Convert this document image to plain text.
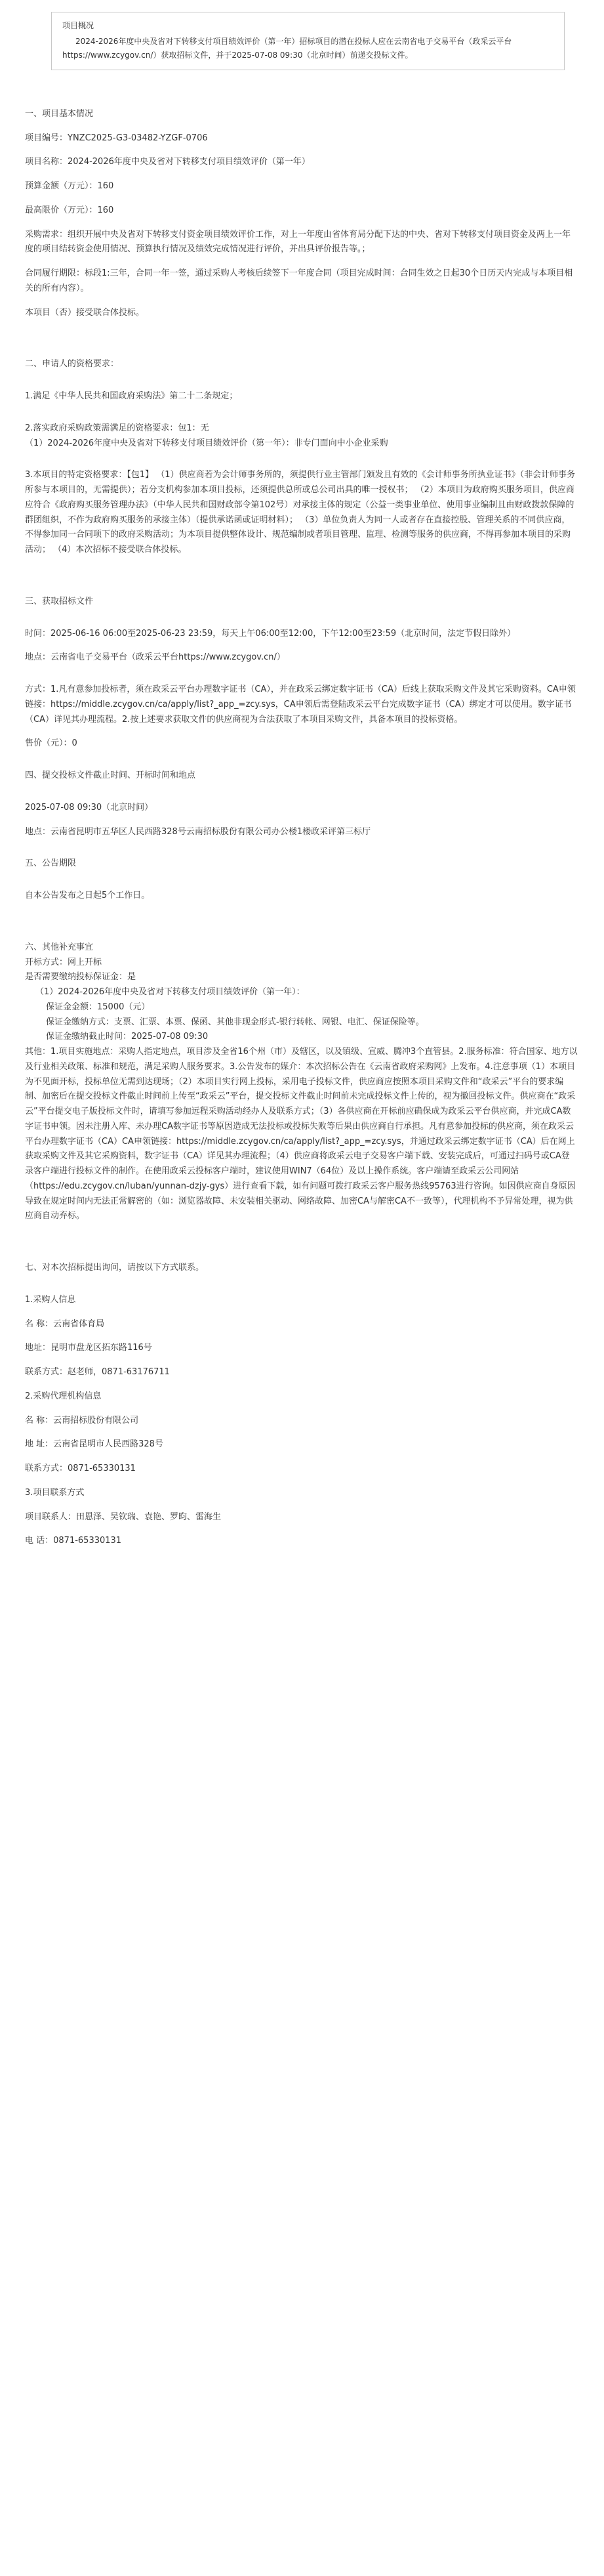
项目概况

2024-2026年度中央及省对下转移支付项目绩效评价（第一年）招标项目的潜在投标人应在云南省电子交易平台（政采云平台https://www.zcygov.cn/）获取招标文件，并于2025-07-08 09:30（北京时间）前递交投标文件。

一、项目基本情况

项目编号：YNZC2025-G3-03482-YZGF-0706

项目名称：2024-2026年度中央及省对下转移支付项目绩效评价（第一年）

预算金额（万元）：160

最高限价（万元）：160

采购需求：组织开展中央及省对下转移支付资金项目绩效评价工作，对上一年度由省体育局分配下达的中央、省对下转移支付项目资金及两上一年度的项目结转资金使用情况、预算执行情况及绩效完成情况进行评价，并出具评价报告等。；

合同履行期限：标段1:三年，合同一年一签，通过采购人考核后续签下一年度合同（项目完成时间：合同生效之日起30个日历天内完成与本项目相关的所有内容）。

本项目（否）接受联合体投标。

二、申请人的资格要求：

1.满足《中华人民共和国政府采购法》第二十二条规定；

2.落实政府采购政策需满足的资格要求：包1：无

（1）2024-2026年度中央及省对下转移支付项目绩效评价（第一年）：非专门面向中小企业采购

3.本项目的特定资格要求：【包1】 （1）供应商若为会计师事务所的，须提供行业主管部门颁发且有效的《会计师事务所执业证书》（非会计师事务所参与本项目的，无需提供）；若分支机构参加本项目投标，还须提供总所或总公司出具的唯一授权书； （2）本项目为政府购买服务项目，供应商应符合《政府购买服务管理办法》（中华人民共和国财政部令第102号）对承接主体的规定（公益一类事业单位、使用事业编制且由财政拨款保障的群团组织，不作为政府购买服务的承接主体）（提供承诺函或证明材料）； （3）单位负责人为同一人或者存在直接控股、管理关系的不同供应商，不得参加同一合同项下的政府采购活动；为本项目提供整体设计、规范编制或者项目管理、监理、检测等服务的供应商，不得再参加本项目的采购活动； （4）本次招标不接受联合体投标。

三、获取招标文件

时间：2025-06-16 06:00至2025-06-23 23:59，每天上午06:00至12:00，下午12:00至23:59（北京时间，法定节假日除外）

地点：云南省电子交易平台（政采云平台https://www.zcygov.cn/）

方式：1.凡有意参加投标者，须在政采云平台办理数字证书（CA），并在政采云绑定数字证书（CA）后线上获取采购文件及其它采购资料。CA申领链接：https://middle.zcygov.cn/ca/apply/list?_app_=zcy.sys，CA申领后需登陆政采云平台完成数字证书（CA）绑定才可以使用。数字证书（CA）详见其办理流程。2.按上述要求获取文件的供应商视为合法获取了本项目采购文件，具备本项目的投标资格。

售价（元）：0

四、提交投标文件截止时间、开标时间和地点

2025-07-08 09:30（北京时间）

地点：云南省昆明市五华区人民西路328号云南招标股份有限公司办公楼1楼政采评第三标厅

五、公告期限

自本公告发布之日起5个工作日。

六、其他补充事宜

开标方式：网上开标

是否需要缴纳投标保证金：是

（1）2024-2026年度中央及省对下转移支付项目绩效评价（第一年）：

保证金金额：15000（元）

保证金缴纳方式：支票、汇票、本票、保函、其他非现金形式-银行转帐、网银、电汇、保证保险等。

保证金缴纳截止时间：2025-07-08 09:30

其他：1.项目实施地点：采购人指定地点，项目涉及全省16个州（市）及辖区，以及镇级、宣威、腾冲3个直管县。2.服务标准：符合国家、地方以及行业相关政策、标准和规范，满足采购人服务要求。3.公告发布的媒介：本次招标公告在《云南省政府采购网》上发布。4.注意事项（1）本项目为不见面开标，投标单位无需到达现场；（2）本项目实行网上投标，采用电子投标文件，供应商应按照本项目采购文件和“政采云”平台的要求编制、加密后在提交投标文件截止时间前上传至“政采云”平台，提交投标文件截止时间前未完成投标文件上传的，视为撤回投标文件。供应商在“政采云”平台提交电子版投标文件时，请填写参加远程采购活动经办人及联系方式；（3）各供应商在开标前应确保成为政采云平台供应商，并完成CA数字证书申领。因未注册入库、未办理CA数字证书等原因造成无法投标或投标失败等后果由供应商自行承担。凡有意参加投标的供应商，须在政采云平台办理数字证书（CA）CA申领链接：https://middle.zcygov.cn/ca/apply/list?_app_=zcy.sys，并通过政采云绑定数字证书（CA）后在网上获取采购文件及其它采购资料，数字证书（CA）详见其办理流程；（4）供应商将政采云电子交易客户端下载、安装完成后，可通过扫码号或CA登录客户端进行投标文件的制作。在使用政采云投标客户端时，建议使用WIN7（64位）及以上操作系统。客户端请至政采云公司网站（https://edu.zcygov.cn/luban/yunnan-dzjy-gys）进行查看下载，如有问题可拨打政采云客户服务热线95763进行咨询。如因供应商自身原因导致在规定时间内无法正常解密的（如：浏览器故障、未安装相关驱动、网络故障、加密CA与解密CA不一致等），代理机构不予异常处理，视为供应商自动弃标。

七、对本次招标提出询问，请按以下方式联系。

1.采购人信息

名 称：云南省体育局

地址：昆明市盘龙区拓东路116号

联系方式：赵老师，0871-63176711

2.采购代理机构信息

名 称：云南招标股份有限公司

地 址：云南省昆明市人民西路328号

联系方式：0871-65330131

3.项目联系方式

项目联系人：田恩泽、吴钦瑞、袁艳、罗昀、雷海生

电 话：0871-65330131
